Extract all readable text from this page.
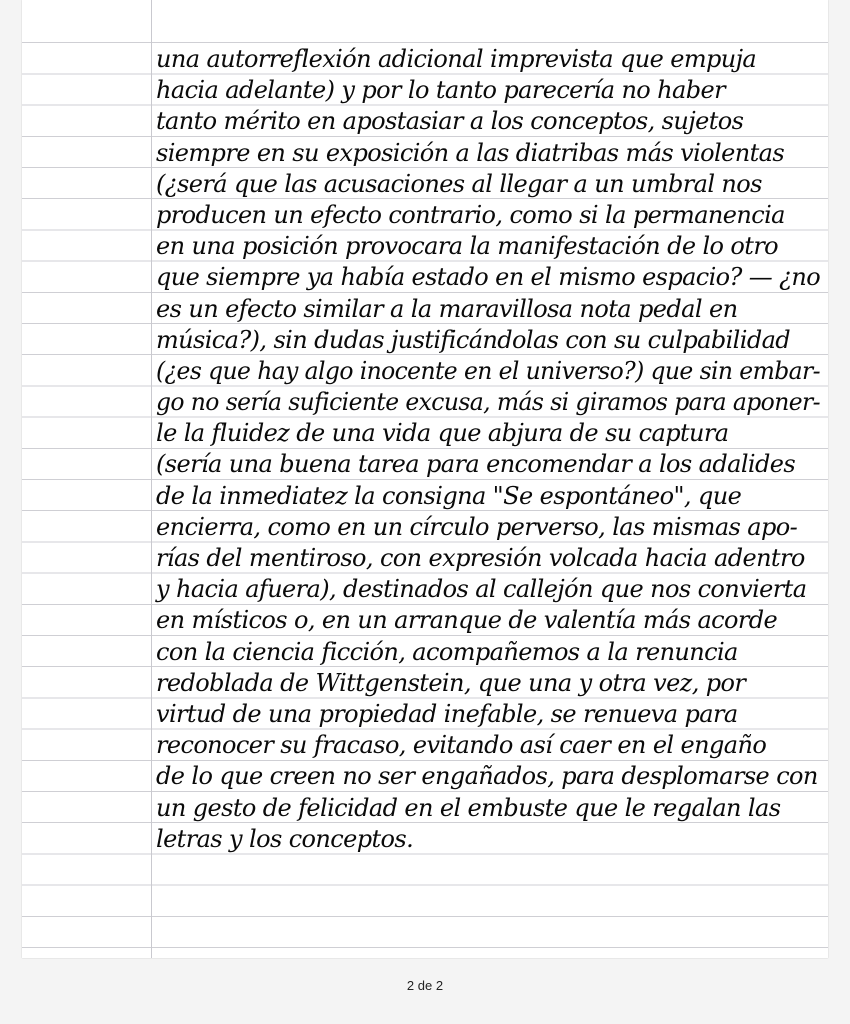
una autorreflexión adicional imprevista que empuja
hacia adelante) y por lo tanto parecería no haber
tanto mérito en apostasiar a los conceptos, sujetos
siempre en su exposición a las diatribas más violentas
(¿será que las acusaciones al llegar a un umbral nos
producen un efecto contrario, como si la permanencia
en una posición provocara la manifestación de lo otro
que siempre ya había estado en el mismo espacio? — ¿no
es un efecto similar a la maravillosa nota pedal en
música?), sin dudas justificándolas con su culpabilidad
(¿es que hay algo inocente en el universo?) que sin embar-
go no sería suficiente excusa, más si giramos para aponer-
le la fluidez de una vida que abjura de su captura
(sería una buena tarea para encomendar a los adalides
de la inmediatez la consigna "Se espontáneo", que
encierra, como en un círculo perverso, las mismas apo-
rías del mentiroso, con expresión volcada hacia adentro
y hacia afuera), destinados al callejón que nos convierta
en místicos o, en un arranque de valentía más acorde
con la ciencia ficción, acompañemos a la renuncia
redoblada de Wittgenstein, que una y otra vez, por
virtud de una propiedad inefable, se renueva para
reconocer su fracaso, evitando así caer en el engaño
de lo que creen no ser engañados, para desplomarse con
un gesto de felicidad en el embuste que le regalan las
letras y los conceptos.
2 de 2
